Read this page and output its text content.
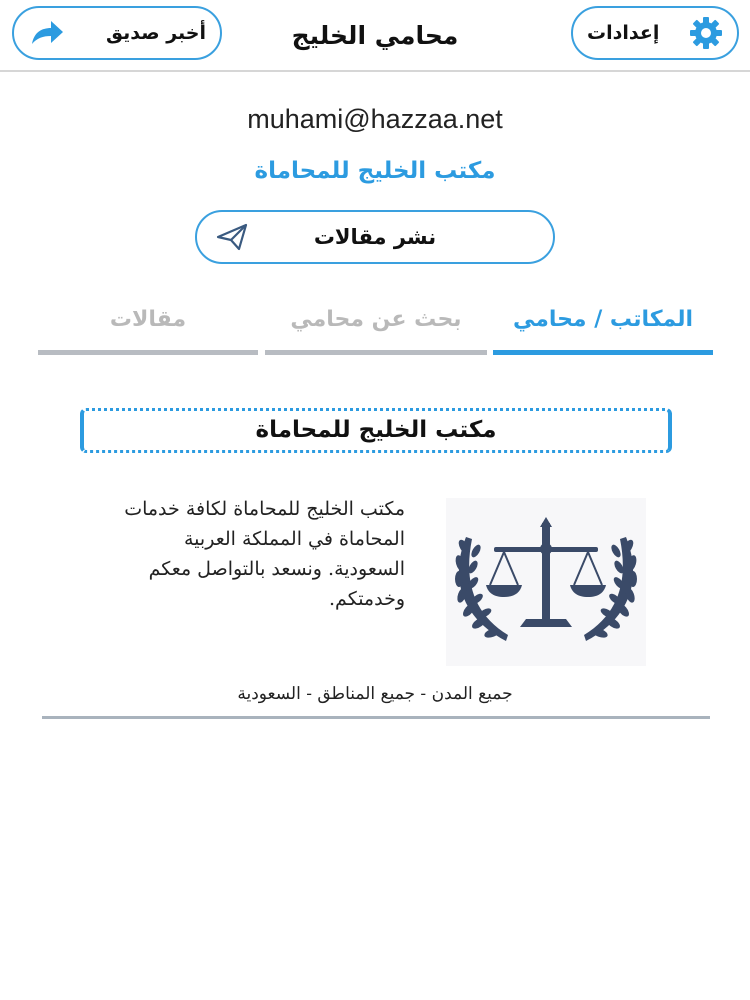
أخبر صديق	محامي الخليج	إعدادات
muhami@hazzaa.net
مكتب الخليج للمحاماة
نشر مقالات
المكاتب / محامي
بحث عن محامي
مقالات
مكتب الخليج للمحاماة
مكتب الخليج للمحاماة لكافة خدمات المحاماة في المملكة العربية السعودية. ونسعد بالتواصل معكم وخدمتكم.
جميع المدن - جميع المناطق - السعودية
